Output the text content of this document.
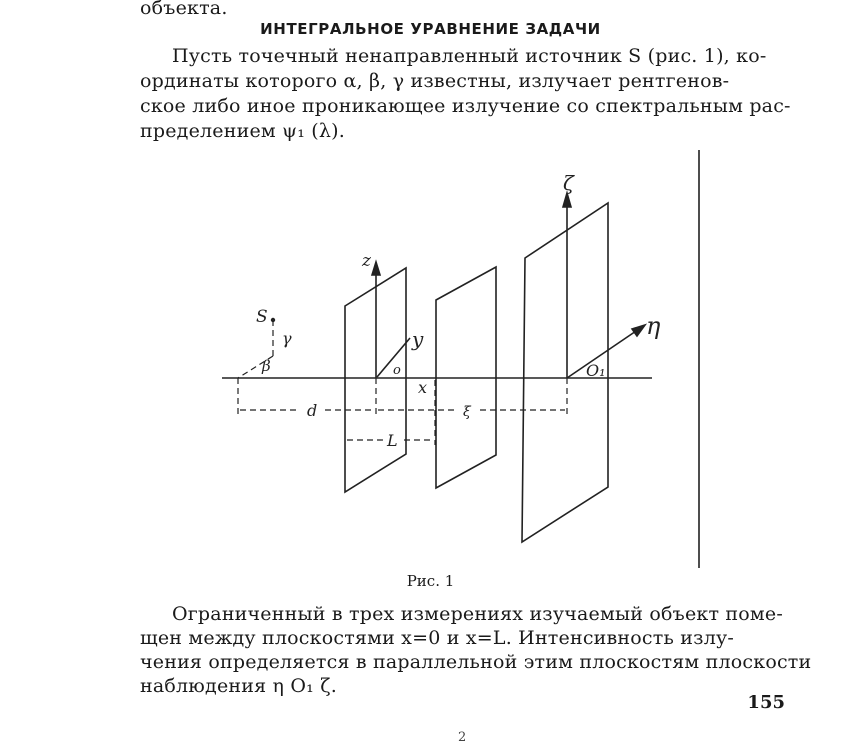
объекта.
ИНТЕГРАЛЬНОЕ УРАВНЕНИЕ ЗАДАЧИ
Пусть точечный ненаправленный источник S (рис. 1), ко-
ординаты которого α, β, γ известны, излучает рентгенов-
ское либо иное проникающее излучение со спектральным рас-
пределением ψ₁ (λ).
ζ
z
y	η
S
γ
β	o	O₁
x
d	ξ
L
Рис. 1
Ограниченный в трех измерениях изучаемый объект поме-
щен между плоскостями x=0 и x=L. Интенсивность излу-
чения определяется в параллельной этим плоскостям плоскости
наблюдения η O₁ ζ.
155
2
